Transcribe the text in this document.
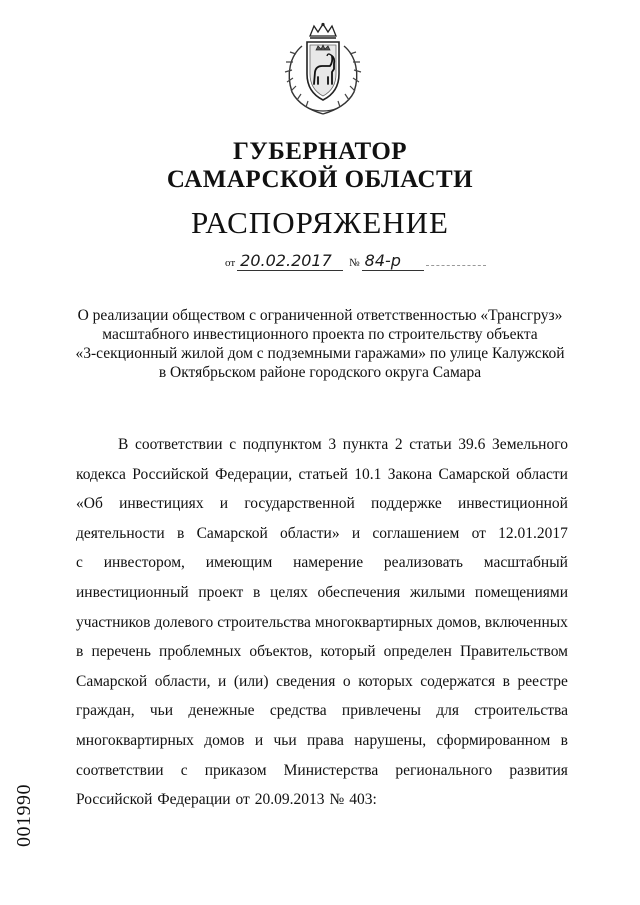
ГУБЕРНАТОР
САМАРСКОЙ ОБЛАСТИ
РАСПОРЯЖЕНИЕ
от 20.02.2017 № 84-р
О реализации обществом с ограниченной ответственностью «Трансгруз»
масштабного инвестиционного проекта по строительству объекта
«3-секционный жилой дом с подземными гаражами» по улице Калужской
в Октябрьском районе городского округа Самара
В соответствии с подпунктом 3 пункта 2 статьи 39.6 Земельного
кодекса Российской Федерации, статьей 10.1 Закона Самарской области
«Об инвестициях и государственной поддержке инвестиционной
деятельности в Самарской области» и соглашением от 12.01.2017
с инвестором, имеющим намерение реализовать масштабный
инвестиционный проект в целях обеспечения жилыми помещениями
участников долевого строительства многоквартирных домов, включенных
в перечень проблемных объектов, который определен Правительством
Самарской области, и (или) сведения о которых содержатся в реестре
граждан, чьи денежные средства привлечены для строительства
многоквартирных домов и чьи права нарушены, сформированном в
соответствии с приказом Министерства регионального развития
Российской Федерации от 20.09.2013 № 403:
001990
